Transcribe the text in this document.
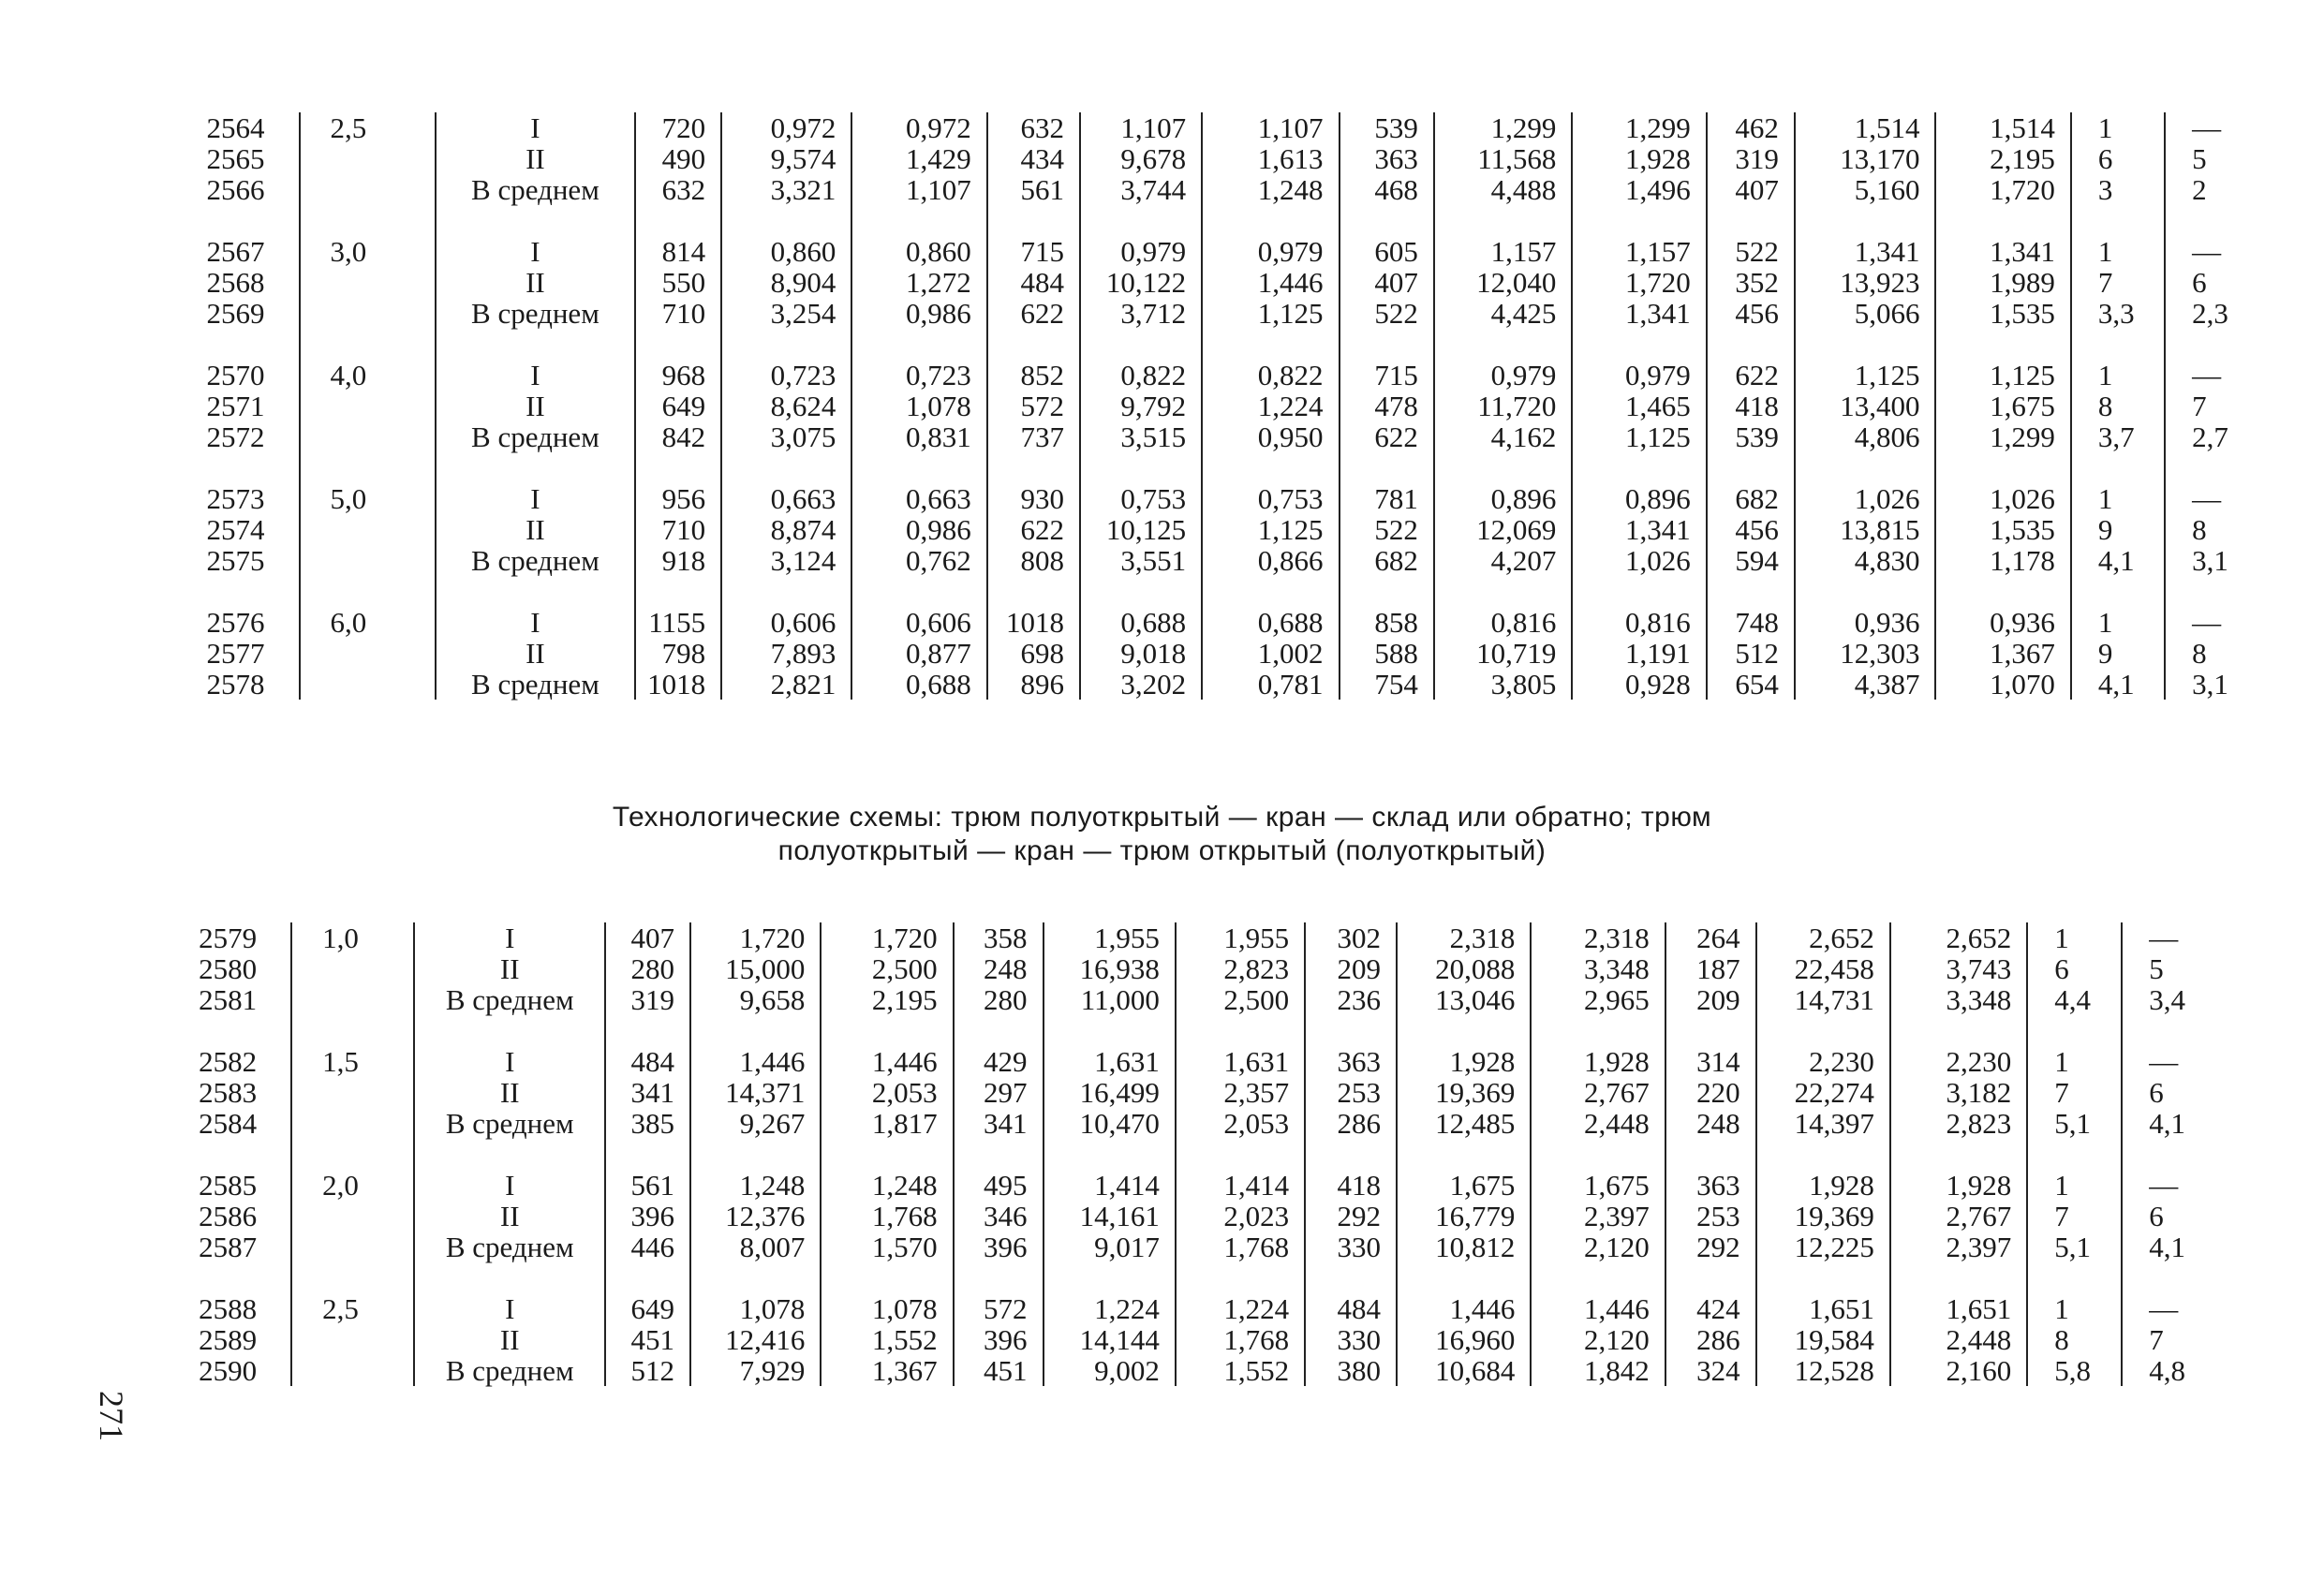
2564	2,5	I	720	0,972	0,972	632	1,107	1,107	539	1,299	1,299	462	1,514	1,514	1	—
2565		II	490	9,574	1,429	434	9,678	1,613	363	11,568	1,928	319	13,170	2,195	6	5
2566		В среднем	632	3,321	1,107	561	3,744	1,248	468	4,488	1,496	407	5,160	1,720	3	2
2567	3,0	I	814	0,860	0,860	715	0,979	0,979	605	1,157	1,157	522	1,341	1,341	1	—
2568		II	550	8,904	1,272	484	10,122	1,446	407	12,040	1,720	352	13,923	1,989	7	6
2569		В среднем	710	3,254	0,986	622	3,712	1,125	522	4,425	1,341	456	5,066	1,535	3,3	2,3
2570	4,0	I	968	0,723	0,723	852	0,822	0,822	715	0,979	0,979	622	1,125	1,125	1	—
2571		II	649	8,624	1,078	572	9,792	1,224	478	11,720	1,465	418	13,400	1,675	8	7
2572		В среднем	842	3,075	0,831	737	3,515	0,950	622	4,162	1,125	539	4,806	1,299	3,7	2,7
2573	5,0	I	956	0,663	0,663	930	0,753	0,753	781	0,896	0,896	682	1,026	1,026	1	—
2574		II	710	8,874	0,986	622	10,125	1,125	522	12,069	1,341	456	13,815	1,535	9	8
2575		В среднем	918	3,124	0,762	808	3,551	0,866	682	4,207	1,026	594	4,830	1,178	4,1	3,1
2576	6,0	I	1155	0,606	0,606	1018	0,688	0,688	858	0,816	0,816	748	0,936	0,936	1	—
2577		II	798	7,893	0,877	698	9,018	1,002	588	10,719	1,191	512	12,303	1,367	9	8
2578		В среднем	1018	2,821	0,688	896	3,202	0,781	754	3,805	0,928	654	4,387	1,070	4,1	3,1
Технологические схемы: трюм полуоткрытый — кран — склад или обратно; трюм
полуоткрытый — кран — трюм открытый (полуоткрытый)
2579	1,0	I	407	1,720	1,720	358	1,955	1,955	302	2,318	2,318	264	2,652	2,652	1	—
2580		II	280	15,000	2,500	248	16,938	2,823	209	20,088	3,348	187	22,458	3,743	6	5
2581		В среднем	319	9,658	2,195	280	11,000	2,500	236	13,046	2,965	209	14,731	3,348	4,4	3,4
2582	1,5	I	484	1,446	1,446	429	1,631	1,631	363	1,928	1,928	314	2,230	2,230	1	—
2583		II	341	14,371	2,053	297	16,499	2,357	253	19,369	2,767	220	22,274	3,182	7	6
2584		В среднем	385	9,267	1,817	341	10,470	2,053	286	12,485	2,448	248	14,397	2,823	5,1	4,1
2585	2,0	I	561	1,248	1,248	495	1,414	1,414	418	1,675	1,675	363	1,928	1,928	1	—
2586		II	396	12,376	1,768	346	14,161	2,023	292	16,779	2,397	253	19,369	2,767	7	6
2587		В среднем	446	8,007	1,570	396	9,017	1,768	330	10,812	2,120	292	12,225	2,397	5,1	4,1
2588	2,5	I	649	1,078	1,078	572	1,224	1,224	484	1,446	1,446	424	1,651	1,651	1	—
2589		II	451	12,416	1,552	396	14,144	1,768	330	16,960	2,120	286	19,584	2,448	8	7
2590		В среднем	512	7,929	1,367	451	9,002	1,552	380	10,684	1,842	324	12,528	2,160	5,8	4,8
271
